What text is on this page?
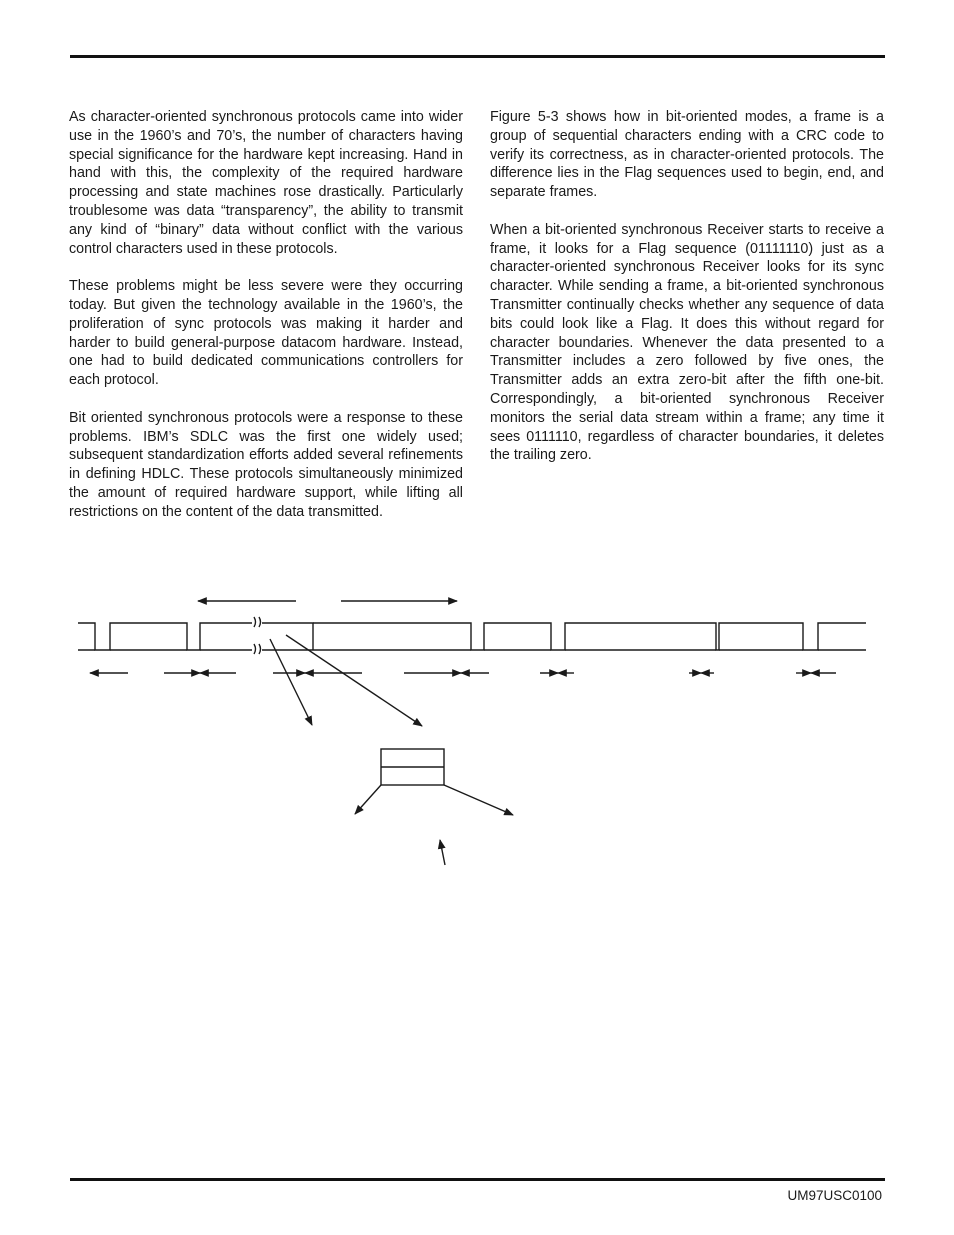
As character-oriented synchronous protocols came into wider use in the 1960’s and 70’s, the number of characters having special significance for the hardware kept increasing. Hand in hand with this, the complexity of the required hardware processing and state machines rose drastically. Particularly troublesome was data “transparency”, the ability to transmit any kind of “binary” data without conflict with the various control characters used in these protocols.

These problems might be less severe were they occurring today. But given the technology available in the 1960’s, the proliferation of sync protocols was making it harder and harder to build general-purpose datacom hardware. Instead, one had to build dedicated communications controllers for each protocol.

Bit oriented synchronous protocols were a response to these problems. IBM’s SDLC was the first one widely used; subsequent standardization efforts added several refinements in defining HDLC. These protocols simultaneously minimized the amount of required hardware support, while lifting all restrictions on the content of the data transmitted.

Figure 5-3 shows how in bit-oriented modes, a frame is a group of sequential characters ending with a CRC code to verify its correctness, as in character-oriented protocols. The difference lies in the Flag sequences used to begin, end, and separate frames.

When a bit-oriented synchronous Receiver starts to receive a frame, it looks for a Flag sequence (01111110) just as a character-oriented synchronous Receiver looks for its sync character. While sending a frame, a bit-oriented synchronous Transmitter continually checks whether any sequence of data bits could look like a Flag. It does this without regard for character boundaries. Whenever the data presented to a Transmitter includes a zero followed by five ones, the Transmitter adds an extra zero-bit after the fifth one-bit. Correspondingly, a bit-oriented synchronous Receiver monitors the serial data stream within a frame; any time it sees 0111110, regardless of character boundaries, it deletes the trailing zero.

UM97USC0100
